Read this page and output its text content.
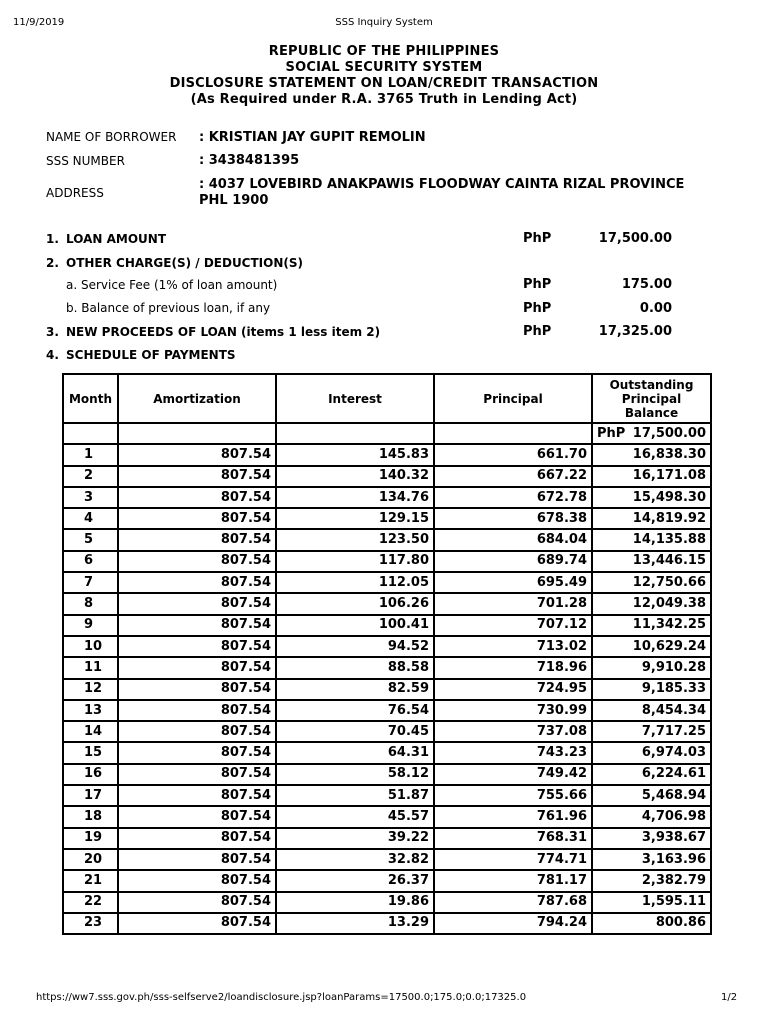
11/9/2019	SSS Inquiry System
REPUBLIC OF THE PHILIPPINES
SOCIAL SECURITY SYSTEM
DISCLOSURE STATEMENT ON LOAN/CREDIT TRANSACTION
(As Required under R.A. 3765 Truth in Lending Act)
NAME OF BORROWER : KRISTIAN JAY GUPIT REMOLIN
SSS NUMBER	: 3438481395
ADDRESS
: 4037 LOVEBIRD ANAKPAWIS FLOODWAY CAINTA RIZAL PROVINCE PHL 1900
1. LOAN AMOUNT	PhP	17,500.00
2. OTHER CHARGE(S) / DEDUCTION(S)
a. Service Fee (1% of loan amount)	PhP	175.00
b. Balance of previous loan, if any	PhP	0.00
3. NEW PROCEEDS OF LOAN (items 1 less item 2)	PhP	17,325.00
4. SCHEDULE OF PAYMENTS
Month	Amortization	Interest	Principal	Outstanding
Principal
Balance

				PhP 17,500.00
1	807.54	145.83	661.70	16,838.30
2	807.54	140.32	667.22	16,171.08
3	807.54	134.76	672.78	15,498.30
4	807.54	129.15	678.38	14,819.92
5	807.54	123.50	684.04	14,135.88
6	807.54	117.80	689.74	13,446.15
7	807.54	112.05	695.49	12,750.66
8	807.54	106.26	701.28	12,049.38
9	807.54	100.41	707.12	11,342.25
10	807.54	94.52	713.02	10,629.24
11	807.54	88.58	718.96	9,910.28
12	807.54	82.59	724.95	9,185.33
13	807.54	76.54	730.99	8,454.34
14	807.54	70.45	737.08	7,717.25
15	807.54	64.31	743.23	6,974.03
16	807.54	58.12	749.42	6,224.61
17	807.54	51.87	755.66	5,468.94
18	807.54	45.57	761.96	4,706.98
19	807.54	39.22	768.31	3,938.67
20	807.54	32.82	774.71	3,163.96
21	807.54	26.37	781.17	2,382.79
22	807.54	19.86	787.68	1,595.11
23	807.54	13.29	794.24	800.86
https://ww7.sss.gov.ph/sss-selfserve2/loandisclosure.jsp?loanParams=17500.0;175.0;0.0;17325.0	1/2
